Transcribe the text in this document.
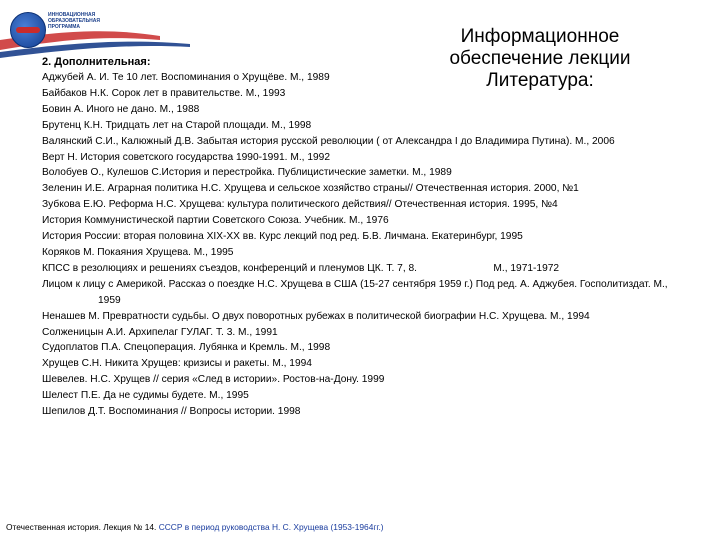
ИННОВАЦИОННАЯ
ОБРАЗОВАТЕЛЬНАЯ
ПРОГРАММА	Информационное
обеспечение лекции
Литература:
2. Дополнительная:
Аджубей А. И. Те 10 лет. Воспоминания о Хрущёве. М., 1989
Байбаков Н.К. Сорок лет в правительстве. М., 1993
Бовин А. Иного не дано. М., 1988
Брутенц К.Н. Тридцать лет на Старой площади. М., 1998
Валянский С.И., Калюжный Д.В. Забытая история русской революции ( от Александра I до Владимира Путина). М., 2006
Верт Н. История советского государства 1990-1991. М., 1992
Волобуев О., Кулешов С.История и перестройка. Публицистические заметки. М., 1989
Зеленин И.Е. Аграрная политика Н.С. Хрущева и сельское хозяйство страны// Отечественная история. 2000, №1
Зубкова Е.Ю. Реформа Н.С. Хрущева: культура политического действия// Отечественная история. 1995, №4
История Коммунистической партии Советского Союза. Учебник. М., 1976
История России: вторая половина XIX-XX вв. Курс лекций под ред. Б.В. Личмана. Екатеринбург, 1995
Коряков М. Покаяния Хрущева. М., 1995
КПСС в резолюциях и решениях съездов, конференций и пленумов ЦК. Т. 7, 8.                           М., 1971-1972
Лицом к лицу с Америкой. Рассказ о поездке Н.С. Хрущева в США (15-27 сентября 1959 г.) Под ред. А. Аджубея. Госполитиздат. М., 1959
Ненашев М. Превратности судьбы. О двух поворотных рубежах в политической биографии Н.С. Хрущева. М., 1994
Солженицын А.И. Архипелаг ГУЛАГ. Т. 3. М., 1991
Судоплатов П.А. Спецоперация. Лубянка и Кремль. М., 1998
Хрущев С.Н. Никита Хрущев: кризисы и ракеты. М., 1994
Шевелев. Н.С. Хрущев // серия «След в истории». Ростов-на-Дону. 1999
Шелест П.Е. Да не судимы будете. М., 1995
Шепилов Д.Т. Воспоминания // Вопросы истории. 1998
Отечественная история. Лекция № 14. СССР в период руководства Н. С. Хрущева (1953-1964гг.)
